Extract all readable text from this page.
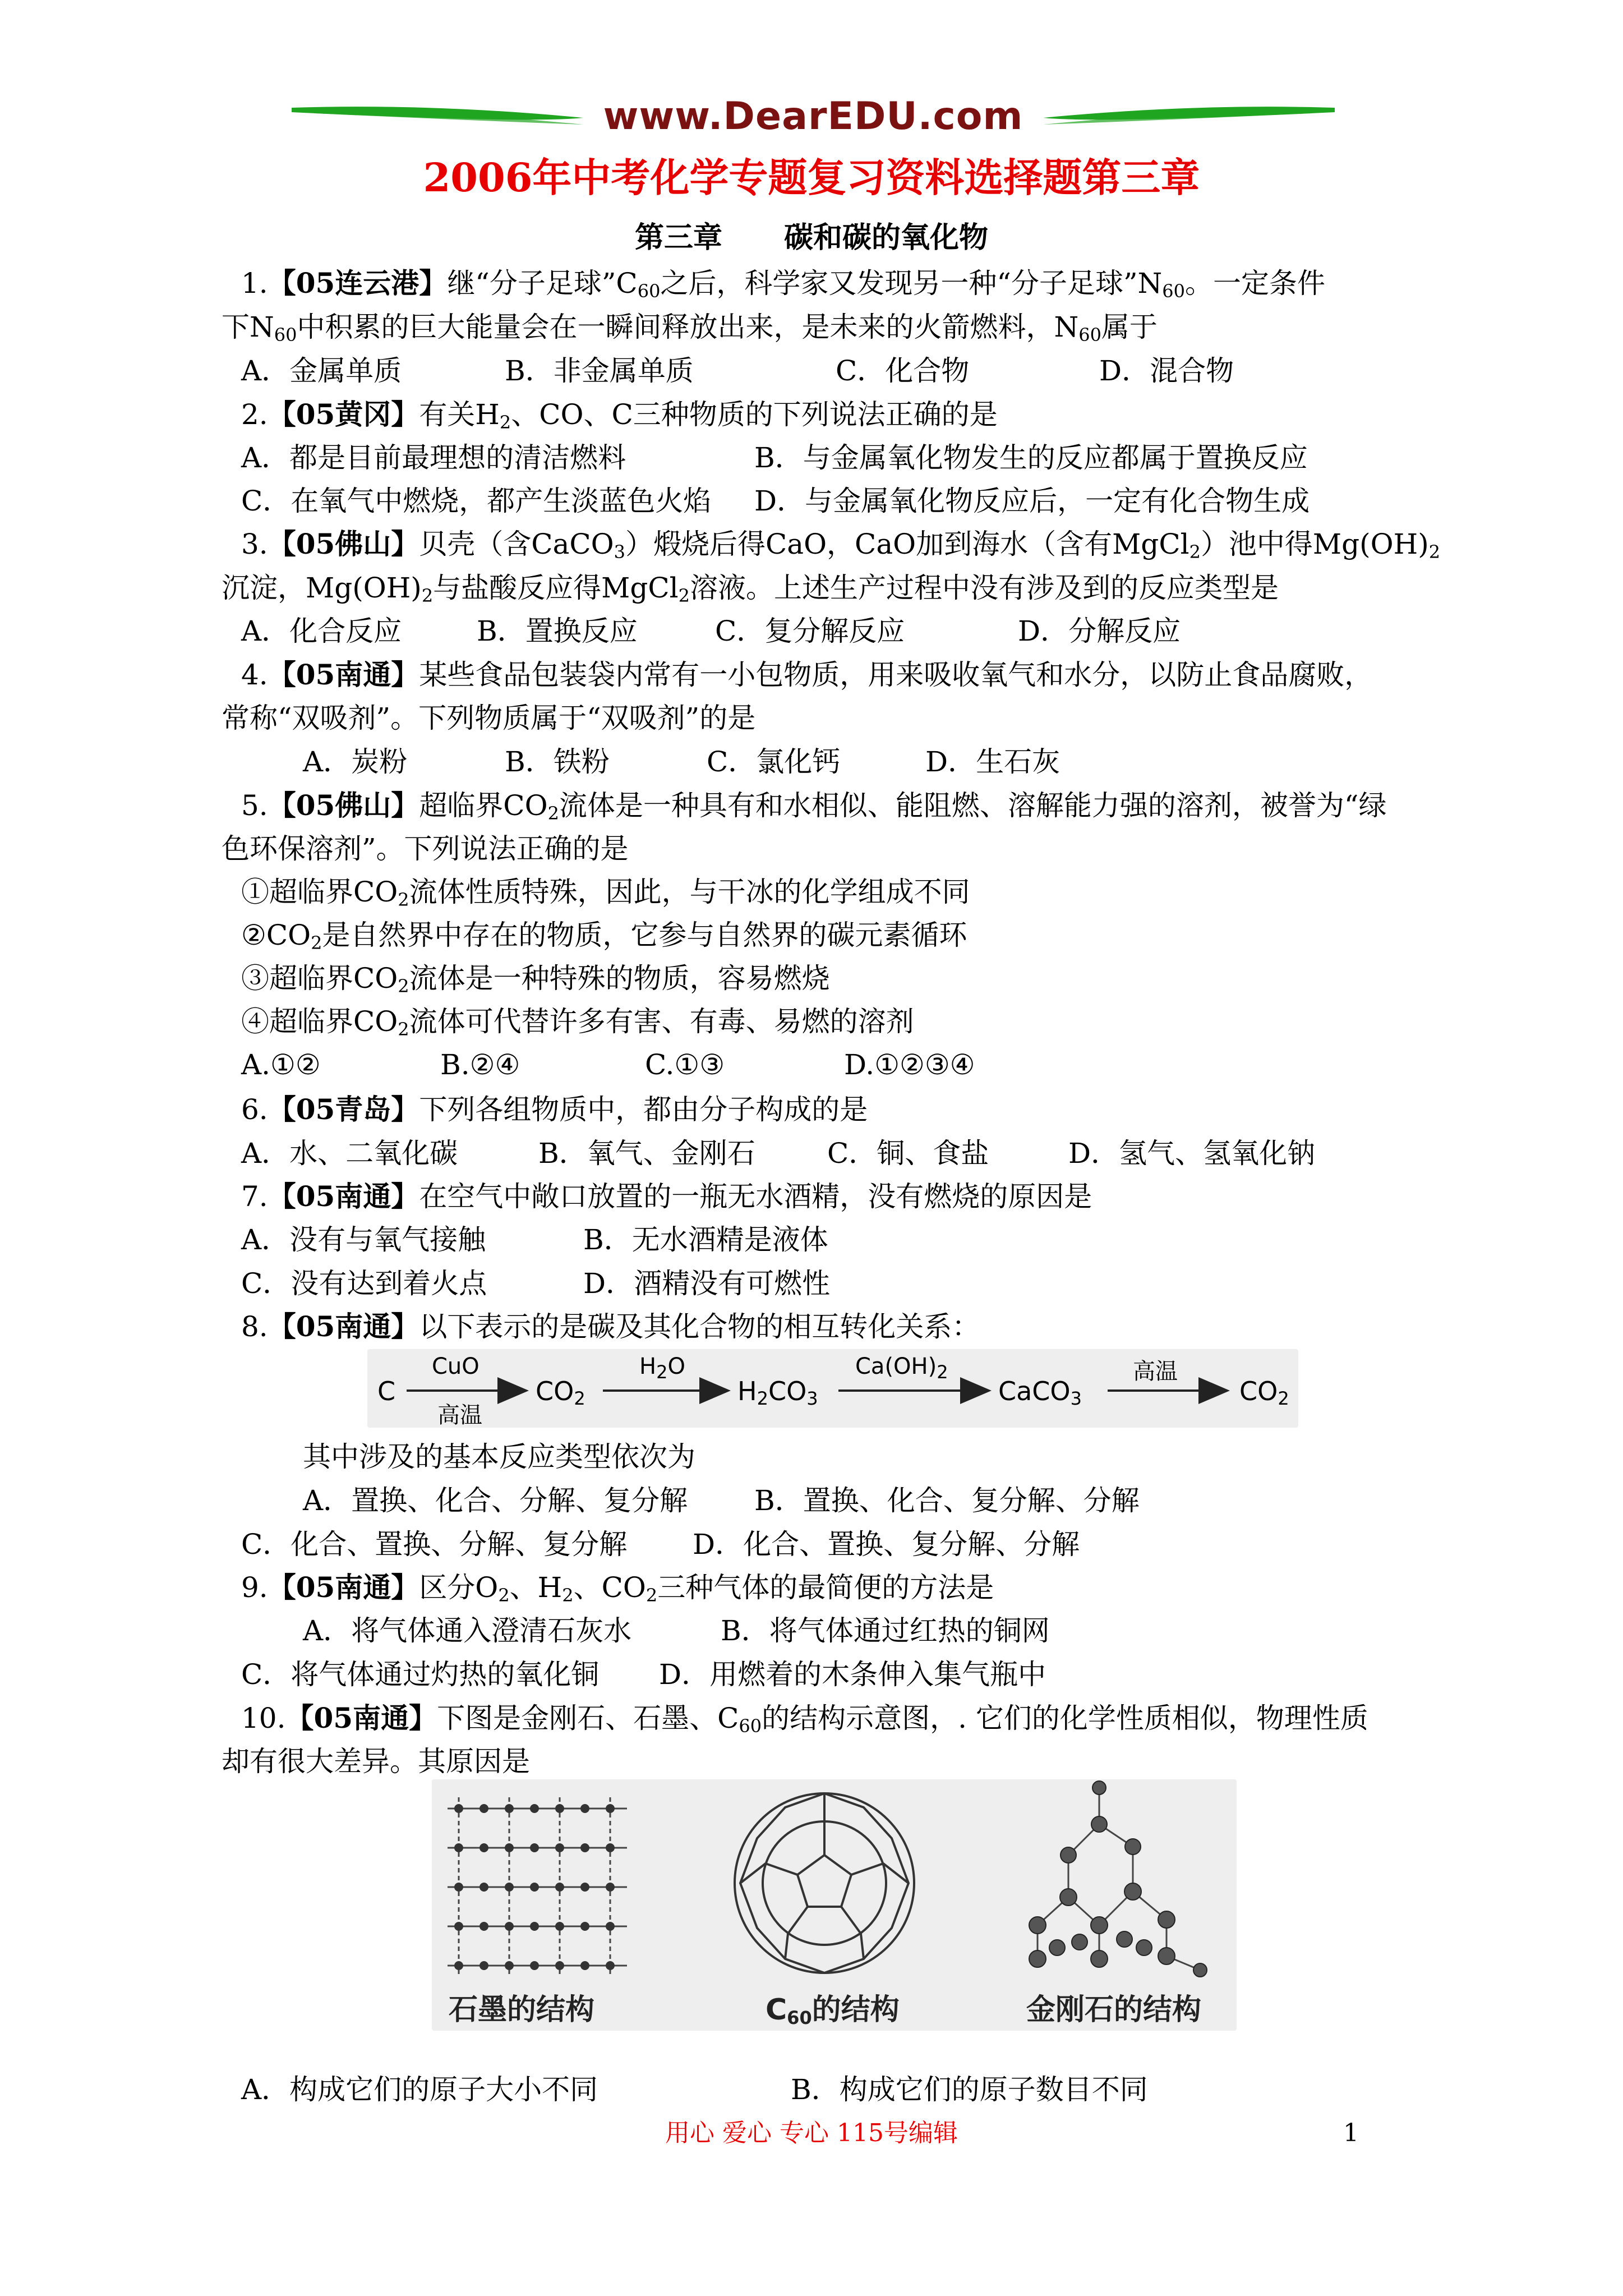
www.DearEDU.com
2006年中考化学专题复习资料选择题第三章
第三章 碳和碳的氧化物
1.【05连云港】继“分子足球$”C_{60}$之后，科学家又发现另一种“分子足球$”N_{60}$。一定条件
下$N_{60}$中积累的巨大能量会在一瞬间释放出来，是未来的火箭燃料，$N_{60}$属于
A．金属单质	B．非金属单质	C．化合物	D．混合物
2.【05黄冈】有关$H_2$、CO、C三种物质的下列说法正确的是
A．都是目前最理想的清洁燃料	B．与金属氧化物发生的反应都属于置换反应
C．在氧气中燃烧，都产生淡蓝色火焰 D．与金属氧化物反应后，一定有化合物生成
3.【05佛山】贝壳（含CaCO$_3$）煅烧后得CaO，CaO加到海水（含有MgCl$_2$）池中得$Mg(OH)_2$
沉淀，$Mg(OH)_2$与盐酸反应得MgCl$_2$溶液。上述生产过程中没有涉及到的反应类型是
A．化合反应	B．置换反应	C．复分解反应	D．分解反应
4.【05南通】某些食品包装袋内常有一小包物质，用来吸收氧气和水分，以防止食品腐败，
常称“双吸剂”。下列物质属于“双吸剂”的是
A．炭粉	B．铁粉	C．氯化钙	D．生石灰
5.【05佛山】超临界$CO_2$流体是一种具有和水相似、能阻燃、溶解能力强的溶剂，被誉为“绿
色环保溶剂”。下列说法正确的是
①超临界$CO_2$流体性质特殊，因此，与干冰的化学组成不同
$②CO_2$是自然界中存在的物质，它参与自然界的碳元素循环
③超临界$CO_2$流体是一种特殊的物质，容易燃烧
④超临界$CO_2$流体可代替许多有害、有毒、易燃的溶剂
A.①②	B.②④	C.①③	D.①②③④
6.【05青岛】下列各组物质中，都由分子构成的是
A．水、二氧化碳	B．氧气、金刚石	C．铜、食盐	D．氢气、氢氧化钠
7.【05南通】在空气中敞口放置的一瓶无水酒精，没有燃烧的原因是
A．没有与氧气接触	B．无水酒精是液体
C．没有达到着火点	D．酒精没有可燃性
8.【05南通】以下表示的是碳及其化合物的相互转化关系：
C
CuO
高温
$CO_2$
$H_2O$
$H_2CO_3$
$Ca(OH)_2$
CaCO$_3$
高温
$CO_2$
其中涉及的基本反应类型依次为
A．置换、化合、分解、复分解 B．置换、化合、复分解、分解
C．化合、置换、分解、复分解 D．化合、置换、复分解、分解
9.【05南通】区分$O_2$、$H_2$、$CO_2$三种气体的最简便的方法是
A．将气体通入澄清石灰水	B．将气体通过红热的铜网
C．将气体通过灼热的氧化铜 D．用燃着的木条伸入集气瓶中
10.【05南通】下图是金刚石、石墨、$C_{60}$的结构示意图，. 它们的化学性质相似，物理性质
却有很大差异。其原因是
石墨的结构	$C_{60}$的结构	金刚石的结构
A．构成它们的原子大小不同	B．构成它们的原子数目不同
用心 爱心 专心 115号编辑	1
